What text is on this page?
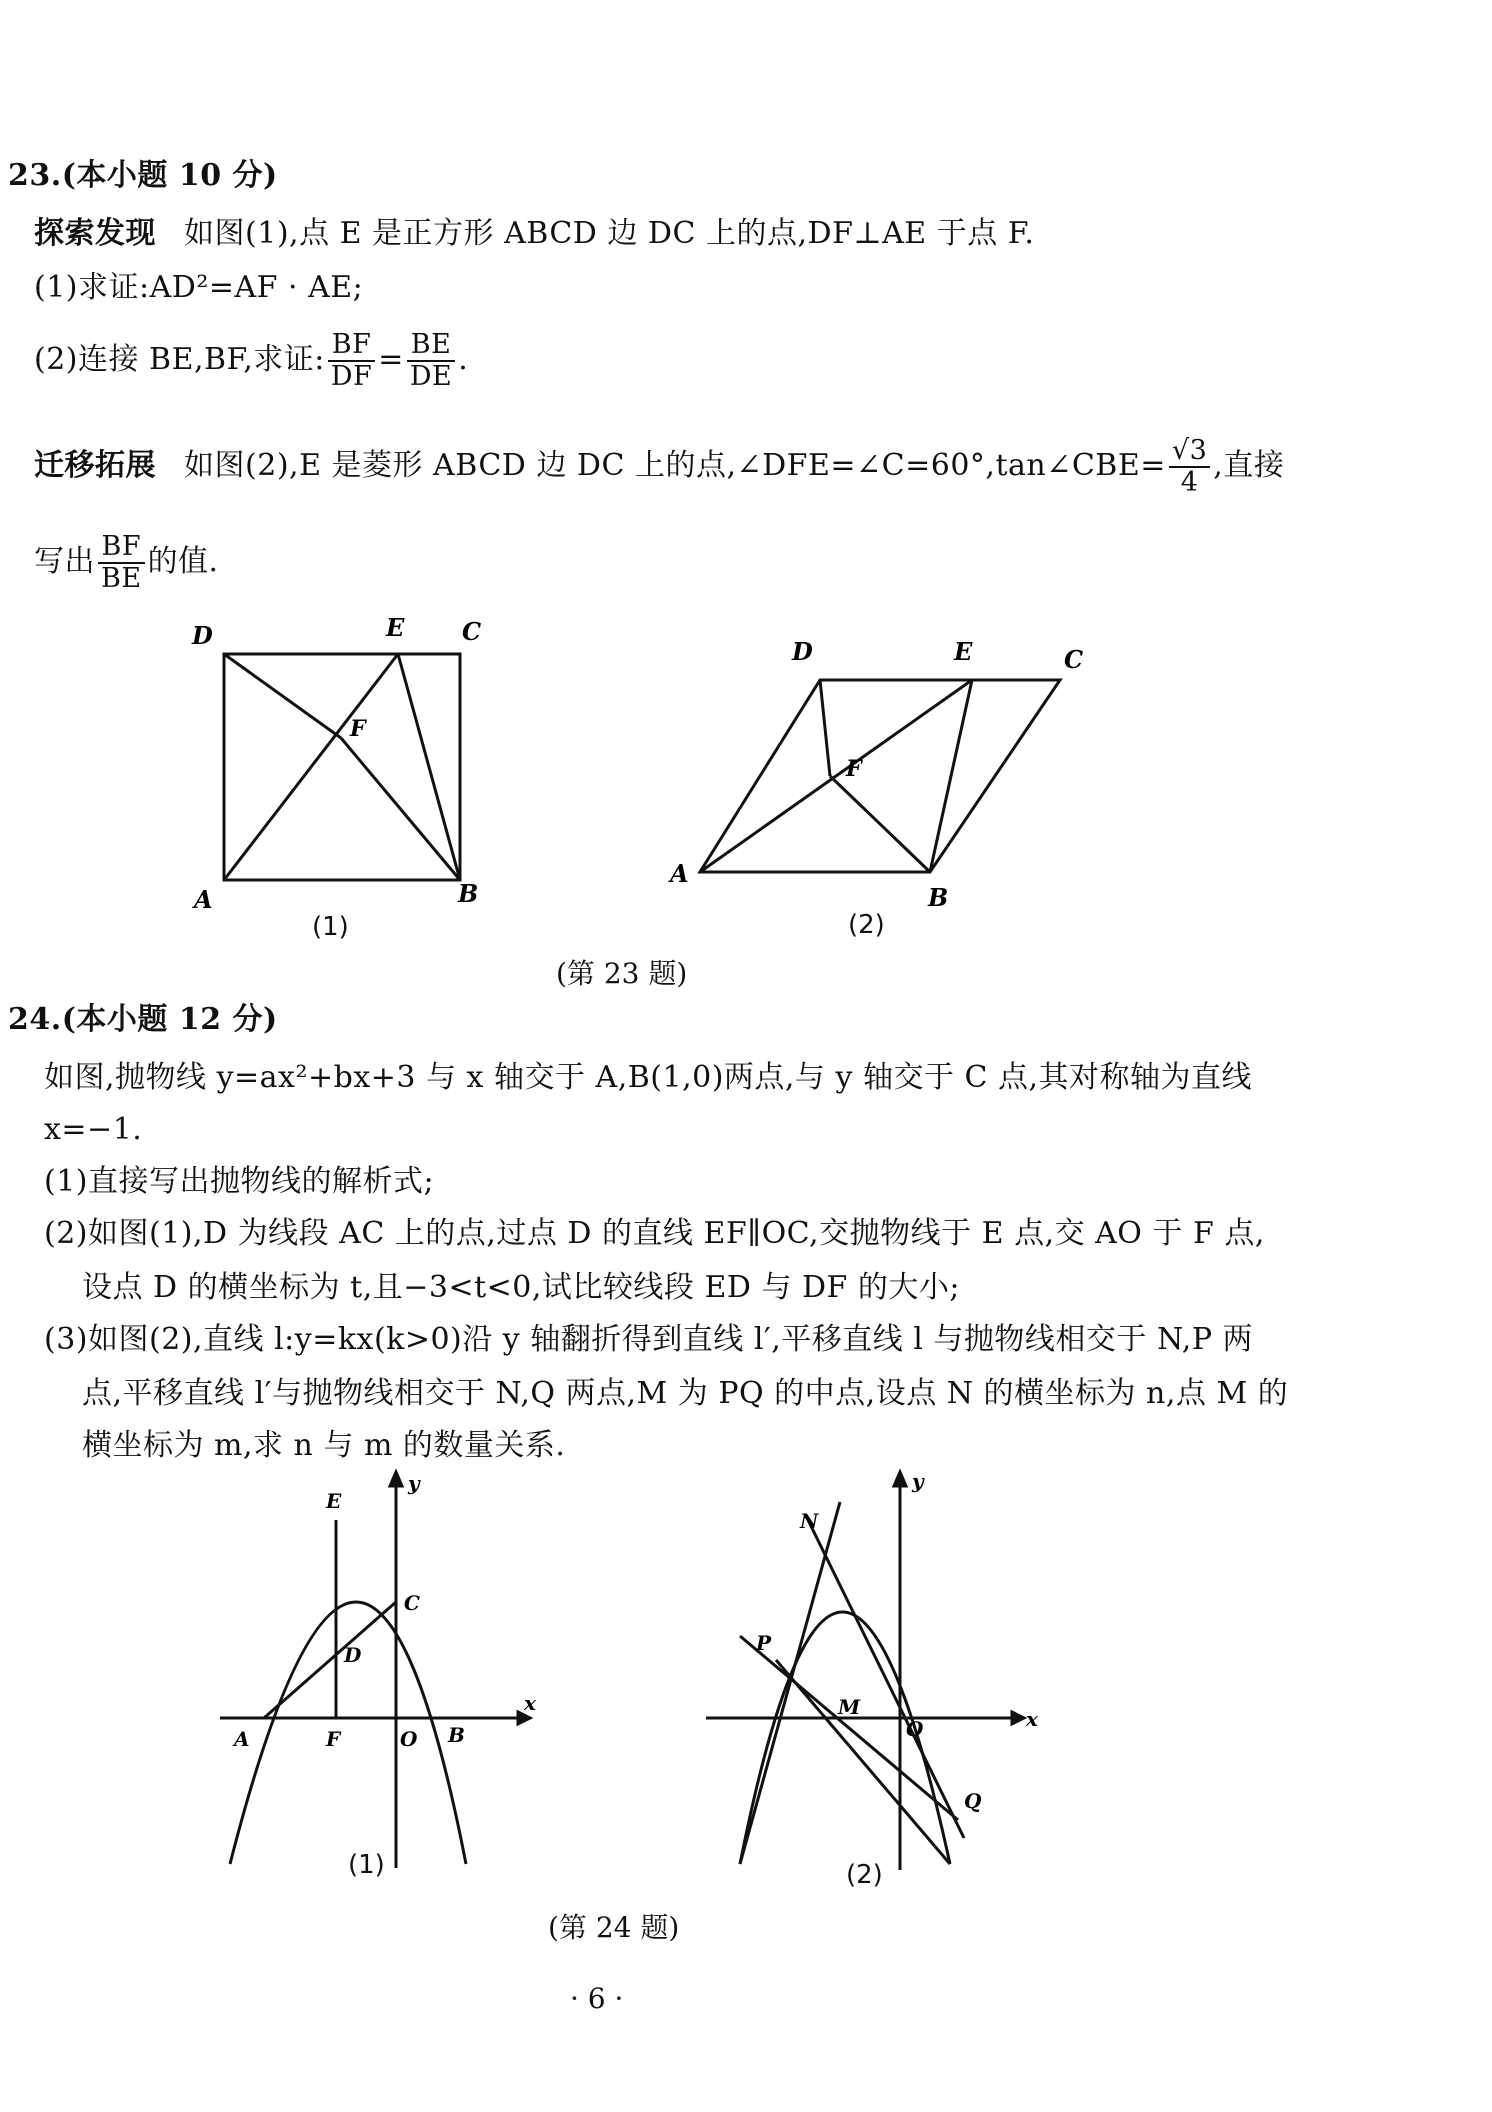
23.(本小题 10 分)
探索发现 如图(1),点 E 是正方形 ABCD 边 DC 上的点,DF⊥AE 于点 F.
(1)求证:AD²=AF · AE;
(2)连接 BE,BF,求证: $\frac{BF}{DF} = \frac{BE}{DE}$ .
迁移拓展 如图(2),E 是菱形 ABCD 边 DC 上的点,∠DFE=∠C=60°,tan∠CBE= $\frac{√3}{4}$ ,直接
写出 $\frac{BF}{BE}$ 的值.
D	E C
F
A	B
D	E	C
F
A
B
(1)	(2)
(第 23 题)
24.(本小题 12 分)
如图,抛物线 y=ax²+bx+3 与 x 轴交于 A,B(1,0)两点,与 y 轴交于 C 点,其对称轴为直线
x=−1.
(1)直接写出抛物线的解析式;
(2)如图(1),D 为线段 AC 上的点,过点 D 的直线 EF∥OC,交抛物线于 E 点,交 AO 于 F 点,
设点 D 的横坐标为 t,且−3<t<0,试比较线段 ED 与 DF 的大小;
(3)如图(2),直线 l:y=kx(k>0)沿 y 轴翻折得到直线 l′,平移直线 l 与抛物线相交于 N,P 两
点,平移直线 l′与抛物线相交于 N,Q 两点,M 为 PQ 的中点,设点 N 的横坐标为 n,点 M 的
横坐标为 m,求 n 与 m 的数量关系.
E
C
D
A	F	O B
x
y
N
P
M
O
Q
x
y
(1)	(2)
(第 24 题)
· 6 ·
